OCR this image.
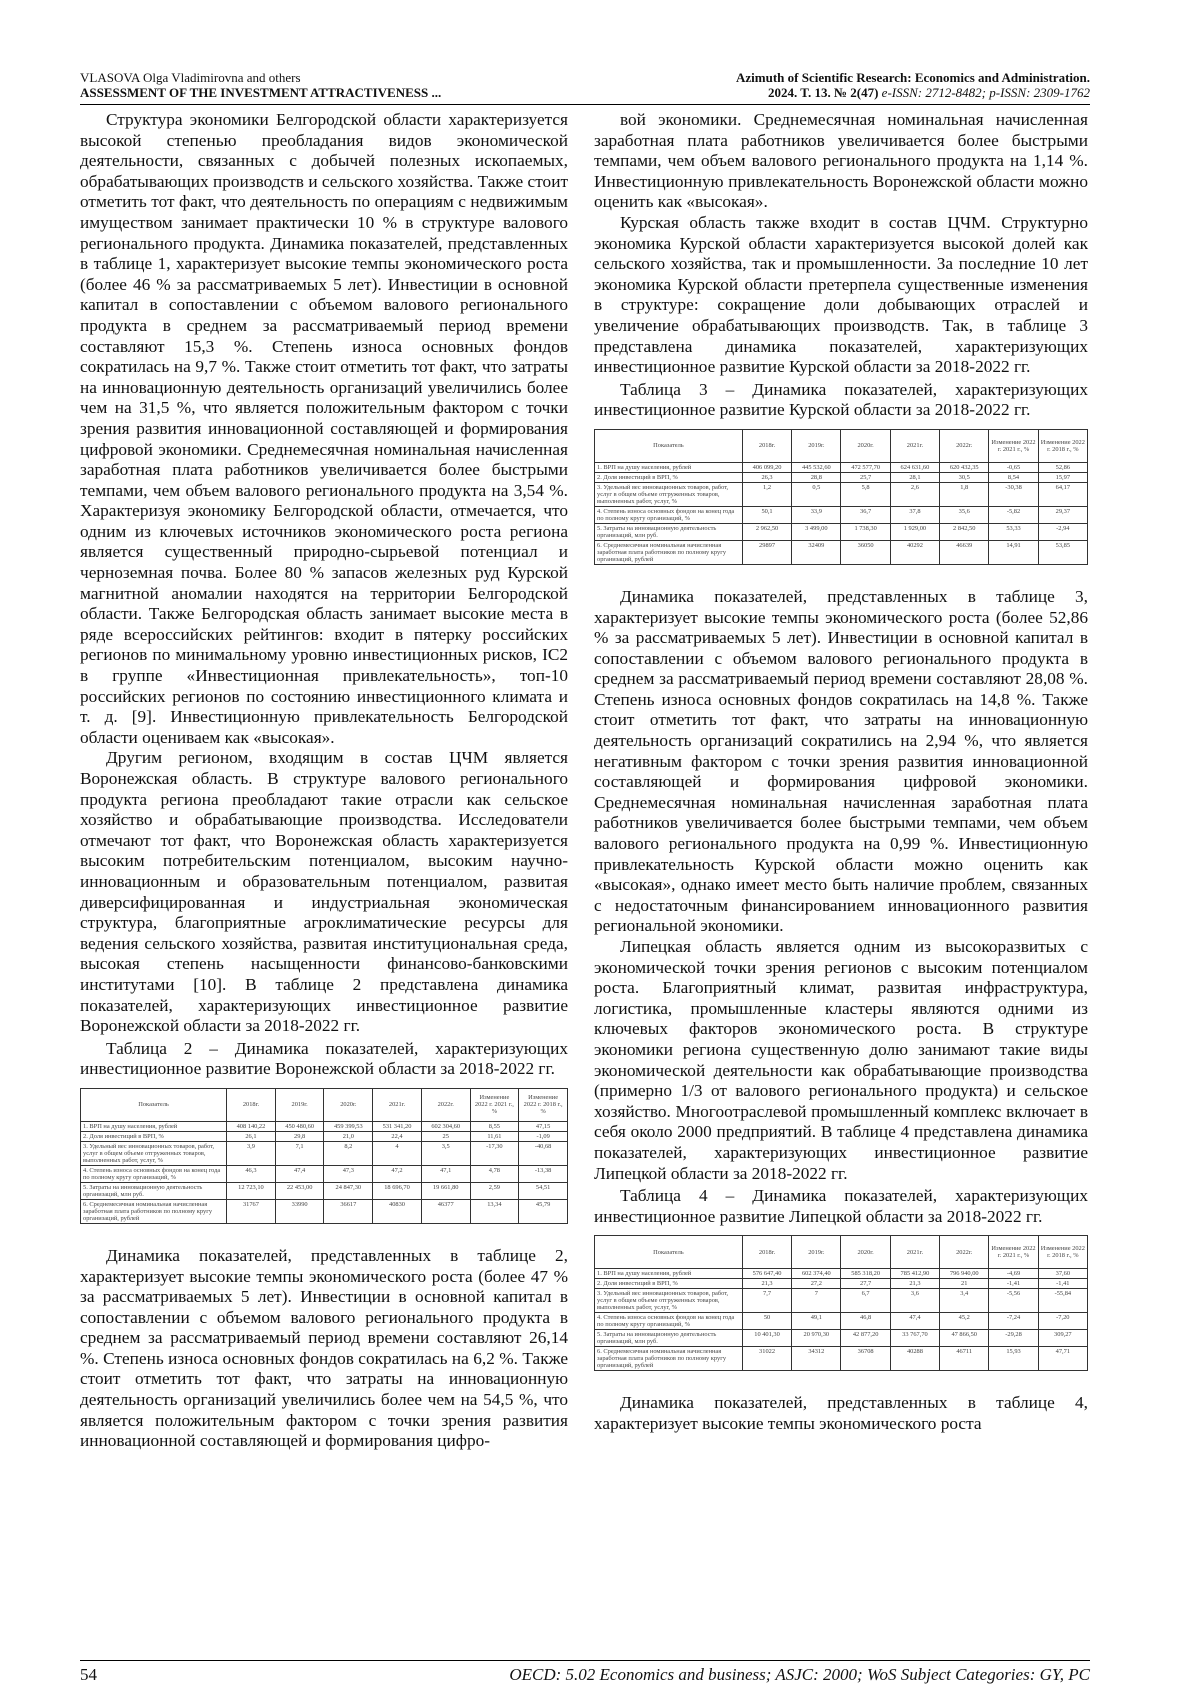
VLASOVA Olga Vladimirovna and others
ASSESSMENT OF THE INVESTMENT ATTRACTIVENESS ...
Azimuth of Scientific Research: Economics and Administration.
2024. T. 13. № 2(47) e-ISSN: 2712-8482; p-ISSN: 2309-1762

Структура экономики Белгородской области характеризуется высокой степенью преобладания видов экономической деятельности, связанных с добычей полезных ископаемых, обрабатывающих производств и сельского хозяйства. Также стоит отметить тот факт, что деятельность по операциям с недвижимым имуществом занимает практически 10 % в структуре валового регионального продукта. Динамика показателей, представленных в таблице 1, характеризует высокие темпы экономического роста (более 46 % за рассматриваемых 5 лет). Инвестиции в основной капитал в сопоставлении с объемом валового регионального продукта в среднем за рассматриваемый период времени составляют 15,3 %. Степень износа основных фондов сократилась на 9,7 %. Также стоит отметить тот факт, что затраты на инновационную деятельность организаций увеличились более чем на 31,5 %, что является положительным фактором с точки зрения развития инновационной составляющей и формирования цифровой экономики. Среднемесячная номинальная начисленная заработная плата работников увеличивается более быстрыми темпами, чем объем валового регионального продукта на 3,54 %. Характеризуя экономику Белгородской области, отмечается, что одним из ключевых источников экономического роста региона является существенный природно-сырьевой потенциал и черноземная почва. Более 80 % запасов железных руд Курской магнитной аномалии находятся на территории Белгородской области. Также Белгородская область занимает высокие места в ряде всероссийских рейтингов: входит в пятерку российских регионов по минимальному уровню инвестиционных рисков, IC2 в группе «Инвестиционная привлекательность», топ-10 российских регионов по состоянию инвестиционного климата и т. д. [9]. Инвестиционную привлекательность Белгородской области оцениваем как «высокая».

Другим регионом, входящим в состав ЦЧМ является Воронежская область. В структуре валового регионального продукта региона преобладают такие отрасли как сельское хозяйство и обрабатывающие производства. Исследователи отмечают тот факт, что Воронежская область характеризуется высоким потребительским потенциалом, высоким научно-инновационным и образовательным потенциалом, развитая диверсифицированная и индустриальная экономическая структура, благоприятные агроклиматические ресурсы для ведения сельского хозяйства, развитая институциональная среда, высокая степень насыщенности финансово-банковскими институтами [10]. В таблице 2 представлена динамика показателей, характеризующих инвестиционное развитие Воронежской области за 2018-2022 гг.

Таблица 2 – Динамика показателей, характеризующих инвестиционное развитие Воронежской области за 2018-2022 гг.

Показатель	2018г.	2019г.	2020г.	2021г.	2022г.	Изменение 2022 г. 2021 г., %	Изменение 2022 г. 2018 г., %
1. ВРП на душу населения, рублей	408 140,22	450 480,60	459 399,53	531 341,20	602 304,60	8,55	47,15
2. Доля инвестиций в ВРП, %	26,1	29,8	21,0	22,4	25	11,61	-1,09
3. Удельный вес инновационных товаров, работ, услуг в общем объеме отгруженных товаров, выполненных работ, услуг, %	3,9	7,1	8,2	4	3,5	-17,30	-40,68
4. Степень износа основных фондов на конец года по полному кругу организаций, %	46,3	47,4	47,3	47,2	47,1	4,78	-13,38
5. Затраты на инновационную деятельность организаций, млн руб.	12 723,10	22 453,00	24 847,30	18 696,70	19 661,80	2,59	54,51
6. Среднемесячная номинальная начисленная заработная плата работников по полному кругу организаций, рублей	31767	33990	36617	40830	46377	13,34	45,79

Динамика показателей, представленных в таблице 2, характеризует высокие темпы экономического роста (более 47 % за рассматриваемых 5 лет). Инвестиции в основной капитал в сопоставлении с объемом валового регионального продукта в среднем за рассматриваемый период времени составляют 26,14 %. Степень износа основных фондов сократилась на 6,2 %. Также стоит отметить тот факт, что затраты на инновационную деятельность организаций увеличились более чем на 54,5 %, что является положительным фактором с точки зрения развития инновационной составляющей и формирования цифро-

вой экономики. Среднемесячная номинальная начисленная заработная плата работников увеличивается более быстрыми темпами, чем объем валового регионального продукта на 1,14 %. Инвестиционную привлекательность Воронежской области можно оценить как «высокая».

Курская область также входит в состав ЦЧМ. Структурно экономика Курской области характеризуется высокой долей как сельского хозяйства, так и промышленности. За последние 10 лет экономика Курской области претерпела существенные изменения в структуре: сокращение доли добывающих отраслей и увеличение обрабатывающих производств. Так, в таблице 3 представлена динамика показателей, характеризующих инвестиционное развитие Курской области за 2018-2022 гг.

Таблица 3 – Динамика показателей, характеризующих инвестиционное развитие Курской области за 2018-2022 гг.

Показатель	2018г.	2019г.	2020г.	2021г.	2022г.	Изменение 2022 г. 2021 г., %	Изменение 2022 г. 2018 г., %
1. ВРП на душу населения, рублей	406 099,20	445 532,60	472 577,70	624 631,60	620 432,35	-0,65	52,86
2. Доля инвестиций в ВРП, %	26,3	28,8	25,7	28,1	30,5	8,54	15,97
3. Удельный вес инновационных товаров, работ, услуг в общем объеме отгруженных товаров, выполненных работ, услуг, %	1,2	0,5	5,8	2,6	1,8	-30,38	64,17
4. Степень износа основных фондов на конец года по полному кругу организаций, %	50,1	33,9	36,7	37,8	35,6	-5,82	29,37
5. Затраты на инновационную деятельность организаций, млн руб.	2 962,50	3 499,00	1 738,30	1 929,00	2 842,50	53,33	-2,94
6. Среднемесячная номинальная начисленная заработная плата работников по полному кругу организаций, рублей	29897	32409	36050	40292	46639	14,91	53,85

Динамика показателей, представленных в таблице 3, характеризует высокие темпы экономического роста (более 52,86 % за рассматриваемых 5 лет). Инвестиции в основной капитал в сопоставлении с объемом валового регионального продукта в среднем за рассматриваемый период времени составляют 28,08 %. Степень износа основных фондов сократилась на 14,8 %. Также стоит отметить тот факт, что затраты на инновационную деятельность организаций сократились на 2,94 %, что является негативным фактором с точки зрения развития инновационной составляющей и формирования цифровой экономики. Среднемесячная номинальная начисленная заработная плата работников увеличивается более быстрыми темпами, чем объем валового регионального продукта на 0,99 %. Инвестиционную привлекательность Курской области можно оценить как «высокая», однако имеет место быть наличие проблем, связанных с недостаточным финансированием инновационного развития региональной экономики.

Липецкая область является одним из высокоразвитых с экономической точки зрения регионов с высоким потенциалом роста. Благоприятный климат, развитая инфраструктура, логистика, промышленные кластеры являются одними из ключевых факторов экономического роста. В структуре экономики региона существенную долю занимают такие виды экономической деятельности как обрабатывающие производства (примерно 1/3 от валового регионального продукта) и сельское хозяйство. Многоотраслевой промышленный комплекс включает в себя около 2000 предприятий. В таблице 4 представлена динамика показателей, характеризующих инвестиционное развитие Липецкой области за 2018-2022 гг.

Таблица 4 – Динамика показателей, характеризующих инвестиционное развитие Липецкой области за 2018-2022 гг.

Показатель	2018г.	2019г.	2020г.	2021г.	2022г.	Изменение 2022 г. 2021 г., %	Изменение 2022 г. 2018 г., %
1. ВРП на душу населения, рублей	576 647,40	602 374,40	585 318,20	785 412,90	796 940,00	-4,69	37,60
2. Доля инвестиций в ВРП, %	21,3	27,2	27,7	21,3	21	-1,41	-1,41
3. Удельный вес инновационных товаров, работ, услуг в общем объеме отгруженных товаров, выполненных работ, услуг, %	7,7	7	6,7	3,6	3,4	-5,56	-55,84
4. Степень износа основных фондов на конец года по полному кругу организаций, %	50	49,1	46,8	47,4	45,2	-7,24	-7,20
5. Затраты на инновационную деятельность организаций, млн руб.	10 401,30	20 970,30	42 877,20	33 767,70	47 866,50	-29,28	309,27
6. Среднемесячная номинальная начисленная заработная плата работников по полному кругу организаций, рублей	31022	34312	36708	40288	46711	15,93	47,71

Динамика показателей, представленных в таблице 4, характеризует высокие темпы экономического роста

54	OECD: 5.02 Economics and business; ASJC: 2000; WoS Subject Categories: GY, PC
